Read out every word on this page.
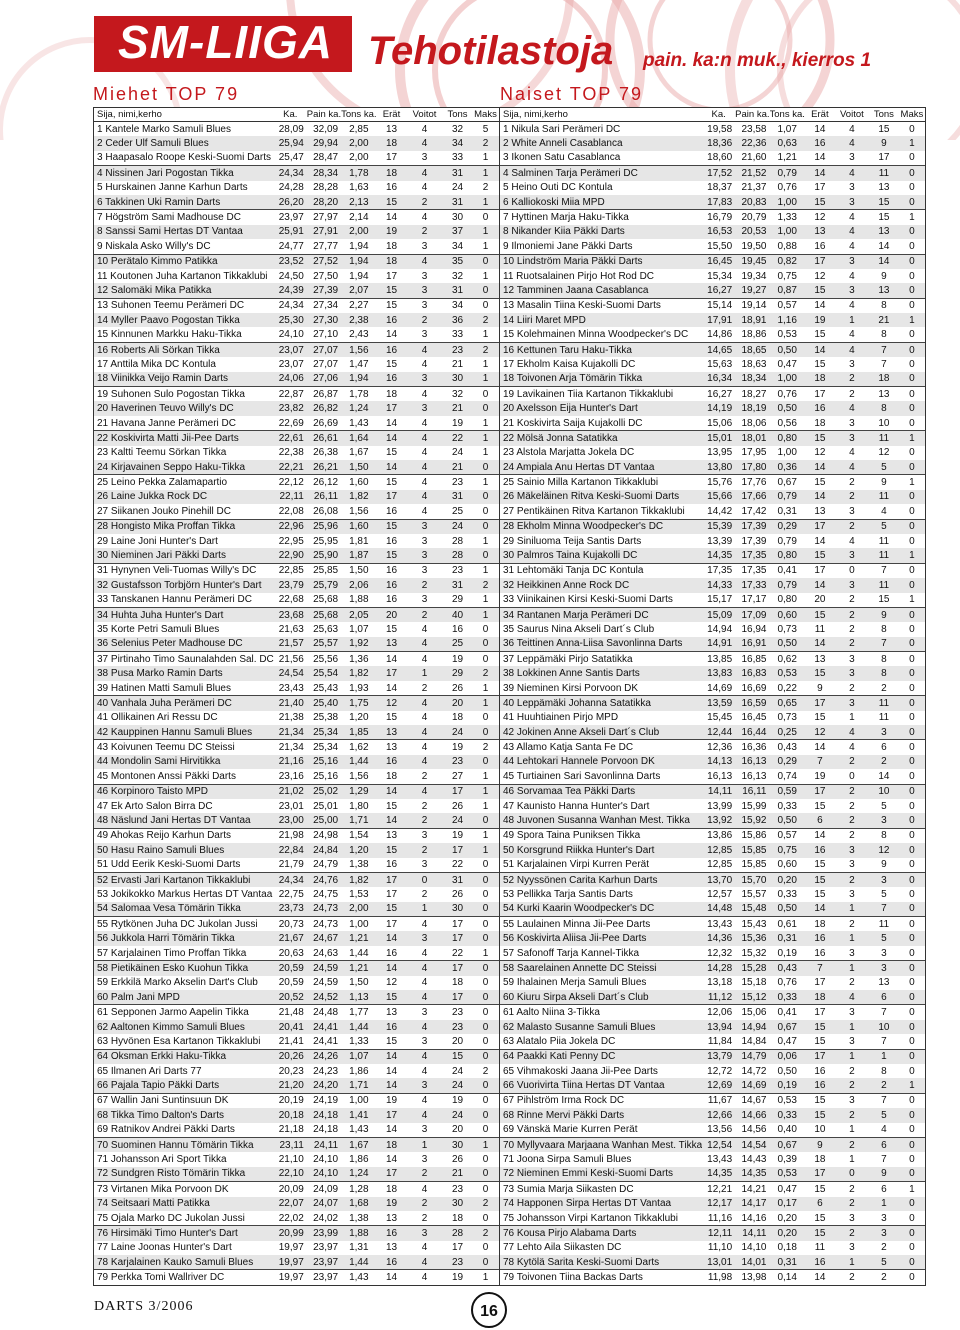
SM-LIIGA Tehotilastoja pain. ka:n muk., kierros 1
Miehet TOP 79	Naiset TOP 79
Sija, nimi,kerho	Ka.	Pain ka.	Tons ka.	Erät	Voitot	Tons	Maks
1 Kantele Marko Samuli Blues	28,09	32,09	2,85	13	4	32	5
2 Ceder Ulf Samuli Blues	25,94	29,94	2,00	18	4	34	2
3 Haapasalo Roope Keski-Suomi Darts	25,47	28,47	2,00	17	3	33	1

4 Nissinen Jari Pogostan Tikka	24,34	28,34	1,78	18	4	31	1
5 Hurskainen Janne Karhun Darts	24,28	28,28	1,63	16	4	24	2
6 Takkinen Uki Ramin Darts	26,20	28,20	2,13	15	2	31	1

7 Högström Sami Madhouse DC	23,97	27,97	2,14	14	4	30	0
8 Sanssi Sami Hertas DT Vantaa	25,91	27,91	2,00	19	2	37	1
9 Niskala Asko Willy's DC	24,77	27,77	1,94	18	3	34	1

10 Perätalo Kimmo Patikka	23,52	27,52	1,94	18	4	35	0
11 Koutonen Juha Kartanon Tikkaklubi	24,50	27,50	1,94	17	3	32	1
12 Salomäki Mika Patikka	24,39	27,39	2,07	15	3	31	0

13 Suhonen Teemu Perämeri DC	24,34	27,34	2,27	15	3	34	0
14 Myller Paavo Pogostan Tikka	25,30	27,30	2,38	16	2	36	2
15 Kinnunen Markku Haku-Tikka	24,10	27,10	2,43	14	3	33	1

16 Roberts Ali Sörkan Tikka	23,07	27,07	1,56	16	4	23	2
17 Anttila Mika DC Kontula	23,07	27,07	1,47	15	4	21	1
18 Viinikka Veijo Ramin Darts	24,06	27,06	1,94	16	3	30	1

19 Suhonen Sulo Pogostan Tikka	22,87	26,87	1,78	18	4	32	0
20 Haverinen Teuvo Willy's DC	23,82	26,82	1,24	17	3	21	0
21 Havana Janne Perämeri DC	22,69	26,69	1,43	14	4	19	1

22 Koskivirta Matti Jii-Pee Darts	22,61	26,61	1,64	14	4	22	1
23 Kaltti Teemu Sörkan Tikka	22,38	26,38	1,67	15	4	24	1
24 Kirjavainen Seppo Haku-Tikka	22,21	26,21	1,50	14	4	21	0

25 Leino Pekka Zalamapartio	22,12	26,12	1,60	15	4	23	1
26 Laine Jukka Rock DC	22,11	26,11	1,82	17	4	31	0
27 Siikanen Jouko Pinehill DC	22,08	26,08	1,56	16	4	25	0

28 Hongisto Mika Proffan Tikka	22,96	25,96	1,60	15	3	24	0
29 Laine Joni Hunter's Dart	22,95	25,95	1,81	16	3	28	1
30 Nieminen Jari Päkki Darts	22,90	25,90	1,87	15	3	28	0

31 Hynynen Veli-Tuomas Willy's DC	22,85	25,85	1,50	16	3	23	1
32 Gustafsson Torbjörn Hunter's Dart	23,79	25,79	2,06	16	2	31	2
33 Tanskanen Hannu Perämeri DC	22,68	25,68	1,88	16	3	29	1

34 Huhta Juha Hunter's Dart	23,68	25,68	2,05	20	2	40	1
35 Korte Petri Samuli Blues	21,63	25,63	1,07	15	4	16	0
36 Selenius Peter Madhouse DC	21,57	25,57	1,92	13	4	25	0

37 Pirtinaho Timo Saunalahden Sal. DC	21,56	25,56	1,36	14	4	19	0
38 Pusa Marko Ramin Darts	24,54	25,54	1,82	17	1	29	2
39 Hatinen Matti Samuli Blues	23,43	25,43	1,93	14	2	26	1

40 Vanhala Juha Perämeri DC	21,40	25,40	1,75	12	4	20	1
41 Ollikainen Ari Ressu DC	21,38	25,38	1,20	15	4	18	0
42 Kauppinen Hannu Samuli Blues	21,34	25,34	1,85	13	4	24	0

43 Koivunen Teemu DC Steissi	21,34	25,34	1,62	13	4	19	2
44 Mondolin Sami Hirvitikka	21,16	25,16	1,44	16	4	23	0
45 Montonen Anssi Päkki Darts	23,16	25,16	1,56	18	2	27	1

46 Korpinoro Taisto MPD	21,02	25,02	1,29	14	4	17	1
47 Ek Arto Salon Birra DC	23,01	25,01	1,80	15	2	26	1
48 Näslund Jani Hertas DT Vantaa	23,00	25,00	1,71	14	2	24	0

49 Ahokas Reijo Karhun Darts	21,98	24,98	1,54	13	3	19	1
50 Hasu Raino Samuli Blues	22,84	24,84	1,20	15	2	17	1
51 Udd Eerik Keski-Suomi Darts	21,79	24,79	1,38	16	3	22	0

52 Ervasti Jari Kartanon Tikkaklubi	24,34	24,76	1,82	17	0	31	0
53 Jokikokko Markus Hertas DT Vantaa	22,75	24,75	1,53	17	2	26	0
54 Salomaa Vesa Tömärin Tikka	23,73	24,73	2,00	15	1	30	0

55 Rytkönen Juha DC Jukolan Jussi	20,73	24,73	1,00	17	4	17	0
56 Jukkola Harri Tömärin Tikka	21,67	24,67	1,21	14	3	17	0
57 Karjalainen Timo Proffan Tikka	20,63	24,63	1,44	16	4	22	1

58 Pietikäinen Esko Kuohun Tikka	20,59	24,59	1,21	14	4	17	0
59 Erkkilä Marko Akselin Dart's Club	20,59	24,59	1,50	12	4	18	0
60 Palm Jani MPD	20,52	24,52	1,13	15	4	17	0

61 Sepponen Jarmo Aapelin Tikka	21,48	24,48	1,77	13	3	23	0
62 Aaltonen Kimmo Samuli Blues	20,41	24,41	1,44	16	4	23	0
63 Hyvönen Esa Kartanon Tikkaklubi	21,41	24,41	1,33	15	3	20	0

64 Oksman Erkki Haku-Tikka	20,26	24,26	1,07	14	4	15	0
65 Ilmanen Ari Darts 77	20,23	24,23	1,86	14	4	24	2
66 Pajala Tapio Päkki Darts	21,20	24,20	1,71	14	3	24	0

67 Wallin Jani Suntinsuun DK	20,19	24,19	1,00	19	4	19	0
68 Tikka Timo Dalton's Darts	20,18	24,18	1,41	17	4	24	0
69 Ratnikov Andrei Päkki Darts	21,18	24,18	1,43	14	3	20	0

70 Suominen Hannu Tömärin Tikka	23,11	24,11	1,67	18	1	30	1
71 Johansson Ari Sport Tikka	21,10	24,10	1,86	14	3	26	0
72 Sundgren Risto Tömärin Tikka	22,10	24,10	1,24	17	2	21	0

73 Virtanen Mika Porvoon DK	20,09	24,09	1,28	18	4	23	0
74 Seitsaari Matti Patikka	22,07	24,07	1,68	19	2	30	2
75 Ojala Marko DC Jukolan Jussi	22,02	24,02	1,38	13	2	18	0

76 Hirsimäki Timo Hunter's Dart	20,99	23,99	1,88	16	3	28	2
77 Laine Joonas Hunter's Dart	19,97	23,97	1,31	13	4	17	0
78 Karjalainen Kauko Samuli Blues	19,97	23,97	1,44	16	4	23	0

79 Perkka Tomi Wallriver DC	19,97	23,97	1,43	14	4	19	1
Sija, nimi,kerho	Ka.	Pain ka.	Tons ka.	Erät	Voitot	Tons	Maks
1 Nikula Sari Perämeri DC	19,58	23,58	1,07	14	4	15	0
2 White Anneli Casablanca	18,36	22,36	0,63	16	4	9	1
3 Ikonen Satu Casablanca	18,60	21,60	1,21	14	3	17	0

4 Salminen Tarja Perämeri DC	17,52	21,52	0,79	14	4	11	0
5 Heino Outi DC Kontula	18,37	21,37	0,76	17	3	13	0
6 Kalliokoski Miia MPD	17,83	20,83	1,00	15	3	15	0

7 Hyttinen Marja Haku-Tikka	16,79	20,79	1,33	12	4	15	1
8 Nikander Kiia Päkki Darts	16,53	20,53	1,00	13	4	13	0
9 Ilmoniemi Jane Päkki Darts	15,50	19,50	0,88	16	4	14	0

10 Lindström Maria Päkki Darts	16,45	19,45	0,82	17	3	14	0
11 Ruotsalainen Pirjo Hot Rod DC	15,34	19,34	0,75	12	4	9	0
12 Tamminen Jaana Casablanca	16,27	19,27	0,87	15	3	13	0

13 Masalin Tiina Keski-Suomi Darts	15,14	19,14	0,57	14	4	8	0
14 Liiri Maret MPD	17,91	18,91	1,16	19	1	21	1
15 Kolehmainen Minna Woodpecker's DC	14,86	18,86	0,53	15	4	8	0

16 Kettunen Taru Haku-Tikka	14,65	18,65	0,50	14	4	7	0
17 Ekholm Kaisa Kujakolli DC	15,63	18,63	0,47	15	3	7	0
18 Toivonen Arja Tömärin Tikka	16,34	18,34	1,00	18	2	18	0

19 Lavikainen Tiia Kartanon Tikkaklubi	16,27	18,27	0,76	17	2	13	0
20 Axelsson Eija Hunter's Dart	14,19	18,19	0,50	16	4	8	0
21 Koskivirta Saija Kujakolli DC	15,06	18,06	0,56	18	3	10	0

22 Mölsä Jonna Satatikka	15,01	18,01	0,80	15	3	11	1
23 Alstola Marjatta Jokela DC	13,95	17,95	1,00	12	4	12	0
24 Ampiala Anu Hertas DT Vantaa	13,80	17,80	0,36	14	4	5	0

25 Sainio Milla Kartanon Tikkaklubi	15,76	17,76	0,67	15	2	9	1
26 Mäkeläinen Ritva Keski-Suomi Darts	15,66	17,66	0,79	14	2	11	0
27 Pentikäinen Ritva Kartanon Tikkaklubi	14,42	17,42	0,31	13	3	4	0

28 Ekholm Minna Woodpecker's DC	15,39	17,39	0,29	17	2	5	0
29 Siniluoma Teija Santis Darts	13,39	17,39	0,79	14	4	11	0
30 Palmros Taina Kujakolli DC	14,35	17,35	0,80	15	3	11	1

31 Lehtomäki Tanja DC Kontula	17,35	17,35	0,41	17	0	7	0
32 Heikkinen Anne Rock DC	14,33	17,33	0,79	14	3	11	0
33 Viinikainen Kirsi Keski-Suomi Darts	15,17	17,17	0,80	20	2	15	1

34 Rantanen Marja Perämeri DC	15,09	17,09	0,60	15	2	9	0
35 Saurus Nina Akseli Dart´s Club	14,94	16,94	0,73	11	2	8	0
36 Teittinen Anna-Liisa Savonlinna Darts	14,91	16,91	0,50	14	2	7	0

37 Leppämäki Pirjo Satatikka	13,85	16,85	0,62	13	3	8	0
38 Lokkinen Anne Santis Darts	13,83	16,83	0,53	15	3	8	0
39 Nieminen Kirsi Porvoon DK	14,69	16,69	0,22	9	2	2	0

40 Leppämäki Johanna Satatikka	13,59	16,59	0,65	17	3	11	0
41 Huuhtiainen Pirjo MPD	15,45	16,45	0,73	15	1	11	0
42 Jokinen Anne Akseli Dart´s Club	12,44	16,44	0,25	12	4	3	0

43 Allamo Katja Santa Fe DC	12,36	16,36	0,43	14	4	6	0
44 Lehtokari Hannele Porvoon DK	14,13	16,13	0,29	7	2	2	0
45 Turtiainen Sari Savonlinna Darts	16,13	16,13	0,74	19	0	14	0

46 Sorvamaa Tea Päkki Darts	14,11	16,11	0,59	17	2	10	0
47 Kaunisto Hanna Hunter's Dart	13,99	15,99	0,33	15	2	5	0
48 Juvonen Susanna Wanhan Mest. Tikka	13,92	15,92	0,50	6	2	3	0

49 Spora Taina Puniksen Tikka	13,86	15,86	0,57	14	2	8	0
50 Korsgrund Riikka Hunter's Dart	12,85	15,85	0,75	16	3	12	0
51 Karjalainen Virpi Kurren Perät	12,85	15,85	0,60	15	3	9	0

52 Nyyssönen Carita Karhun Darts	13,70	15,70	0,20	15	2	3	0
53 Pellikka Tarja Santis Darts	12,57	15,57	0,33	15	3	5	0
54 Kurki Kaarin Woodpecker's DC	14,48	15,48	0,50	14	1	7	0

55 Laulainen Minna Jii-Pee Darts	13,43	15,43	0,61	18	2	11	0
56 Koskivirta Aliisa Jii-Pee Darts	14,36	15,36	0,31	16	1	5	0
57 Safonoff Tarja Kannel-Tikka	12,32	15,32	0,19	16	3	3	0

58 Saarelainen Annette DC Steissi	14,28	15,28	0,43	7	1	3	0
59 Ihalainen Merja Samuli Blues	13,18	15,18	0,76	17	2	13	0
60 Kiuru Sirpa Akseli Dart´s Club	11,12	15,12	0,33	18	4	6	0

61 Aalto Niina 3-Tikka	12,06	15,06	0,41	17	3	7	0
62 Malasto Susanne Samuli Blues	13,94	14,94	0,67	15	1	10	0
63 Alatalo Piia Jokela DC	11,84	14,84	0,47	15	3	7	0

64 Paakki Kati Penny DC	13,79	14,79	0,06	17	1	1	0
65 Vihmakoski Jaana Jii-Pee Darts	12,72	14,72	0,50	16	2	8	0
66 Vuorivirta Tiina Hertas DT Vantaa	12,69	14,69	0,19	16	2	2	1

67 Pihlström Irma Rock DC	11,67	14,67	0,53	15	3	7	0
68 Rinne Mervi Päkki Darts	12,66	14,66	0,33	15	2	5	0
69 Vänskä Marie Kurren Perät	13,56	14,56	0,40	10	1	4	0

70 Myllyvaara Marjaana Wanhan Mest. Tikka	12,54	14,54	0,67	9	2	6	0
71 Joona Sirpa Samuli Blues	13,43	14,43	0,39	18	1	7	0
72 Nieminen Emmi Keski-Suomi Darts	14,35	14,35	0,53	17	0	9	0

73 Sumia Marja Siikasten DC	12,21	14,21	0,47	15	2	6	1
74 Happonen Sirpa Hertas DT Vantaa	12,17	14,17	0,17	6	2	1	0
75 Johansson Virpi Kartanon Tikkaklubi	11,16	14,16	0,20	15	3	3	0

76 Kousa Pirjo Alabama Darts	12,11	14,11	0,20	15	2	3	0
77 Lehto Aila Siikasten DC	11,10	14,10	0,18	11	3	2	0
78 Kytölä Sarita Keski-Suomi Darts	13,01	14,01	0,31	16	1	5	0

79 Toivonen Tiina Backas Darts	11,98	13,98	0,14	14	2	2	0
DARTS 3/2006	16
